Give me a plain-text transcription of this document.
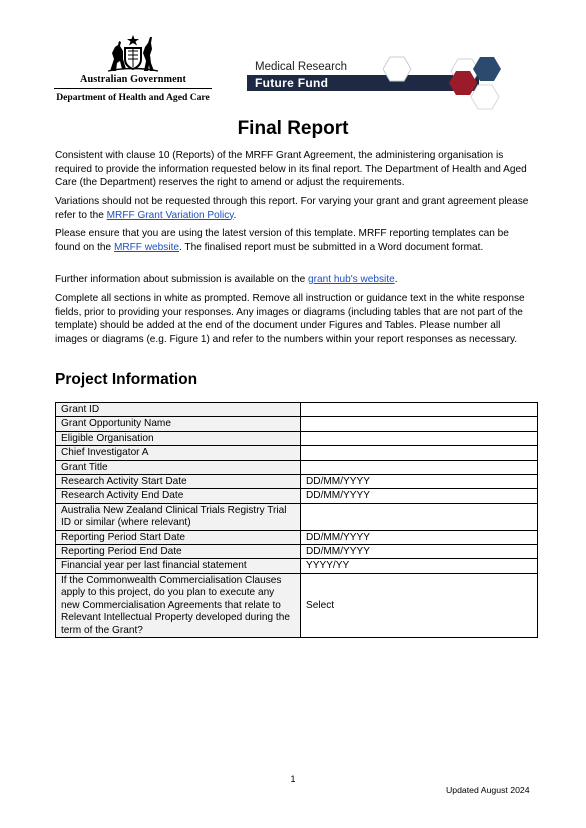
Australian Government
Department of Health and Aged Care
Medical Research
Future Fund
Final Report

Consistent with clause 10 (Reports) of the MRFF Grant Agreement, the administering organisation is required to provide the information requested below in its final report. The Department of Health and Aged Care (the Department) reserves the right to amend or adjust the requirements.

Variations should not be requested through this report. For varying your grant and grant agreement please refer to the MRFF Grant Variation Policy.

Please ensure that you are using the latest version of this template. MRFF reporting templates can be found on the MRFF website. The finalised report must be submitted in a Word document format.

Further information about submission is available on the grant hub's website.

Complete all sections in white as prompted. Remove all instruction or guidance text in the white response fields, prior to providing your responses. Any images or diagrams (including tables that are not part of the template) should be added at the end of the document under Figures and Tables. Please number all images or diagrams (e.g. Figure 1) and refer to the numbers within your report responses as necessary.

Project Information
Grant ID	
Grant Opportunity Name	
Eligible Organisation	
Chief Investigator A	
Grant Title	
Research Activity Start Date	DD/MM/YYYY
Research Activity End Date	DD/MM/YYYY
Australia New Zealand Clinical Trials Registry Trial ID or similar (where relevant)	
Reporting Period Start Date	DD/MM/YYYY
Reporting Period End Date	DD/MM/YYYY
Financial year per last financial statement	YYYY/YY
If the Commonwealth Commercialisation Clauses apply to this project, do you plan to execute any new Commercialisation Agreements that relate to Relevant Intellectual Property developed during the term of the Grant?	Select
1
Updated August 2024
